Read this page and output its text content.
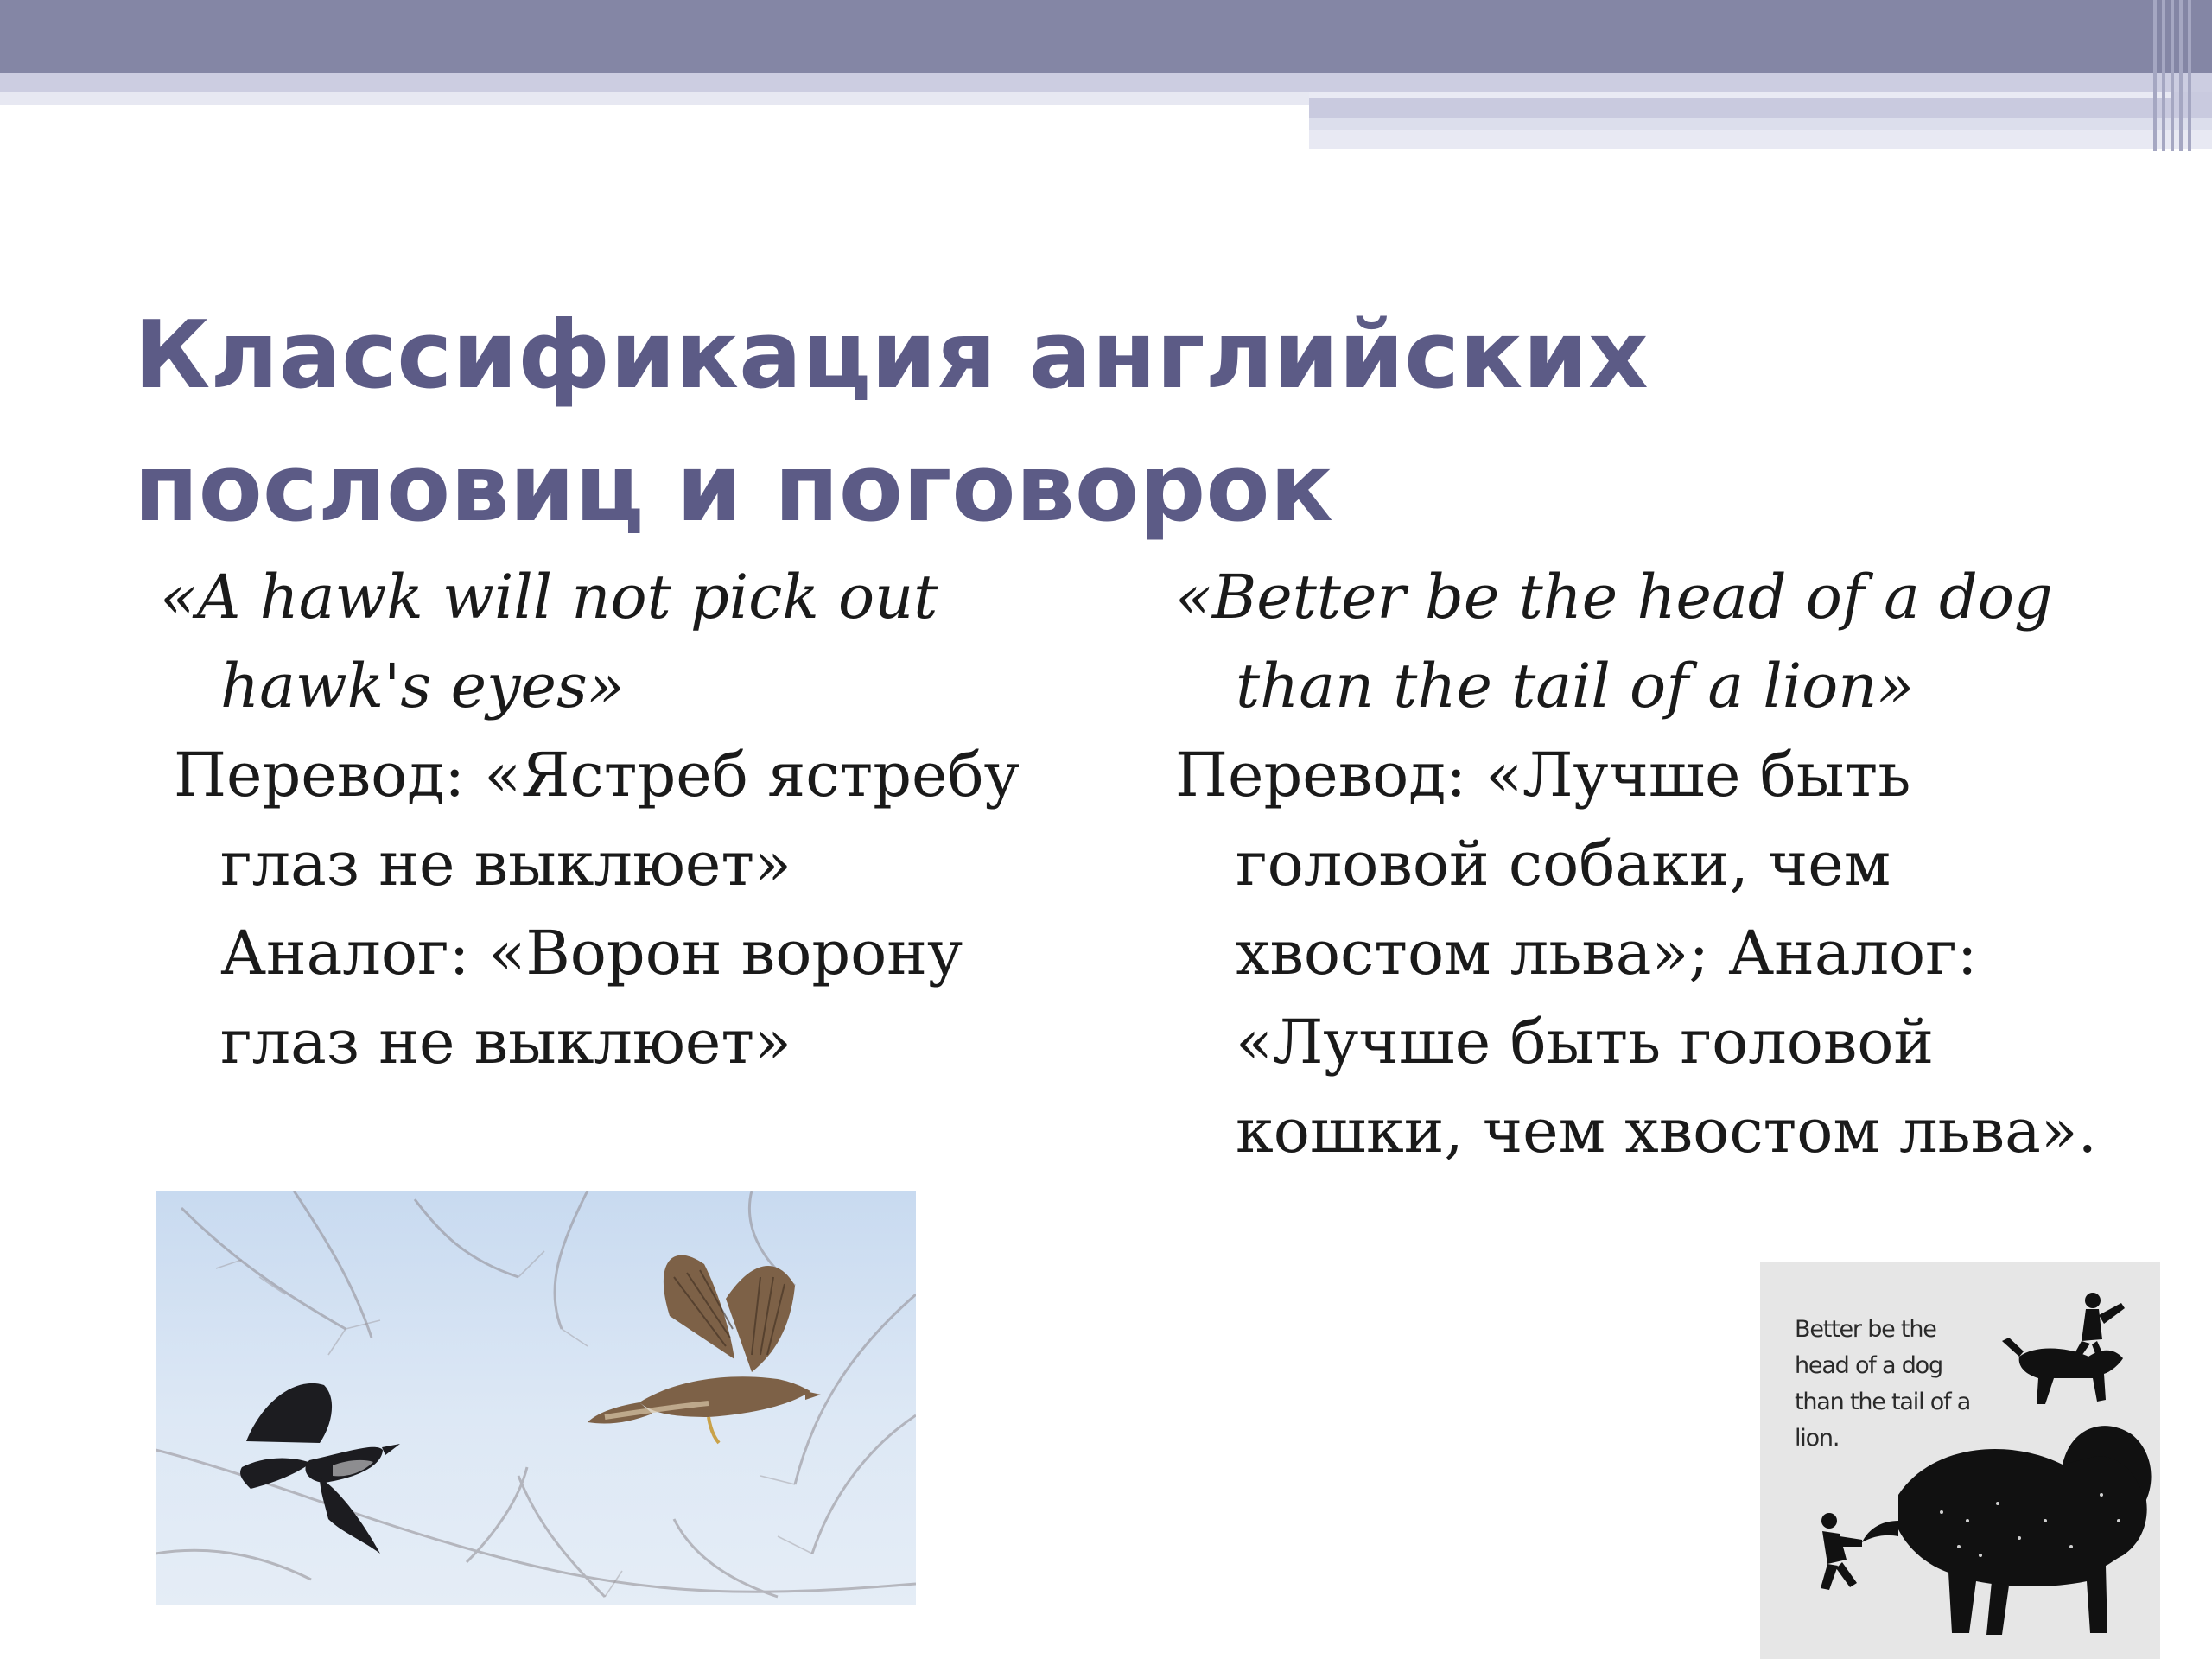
Классификация английских пословиц и поговорок

«A hawk will not pick out hawk's eyes»

Перевод: «Ястреб ястребу глаз не выклюет» Аналог: «Ворон ворону глаз не выклюет»

«Better be the head of a dog than the tail of a lion»

Перевод: «Лучше быть головой собаки, чем хвостом льва»; Аналог: «Лучше быть головой кошки, чем хвостом льва».

Better be the head of a dog than the tail of a lion.
